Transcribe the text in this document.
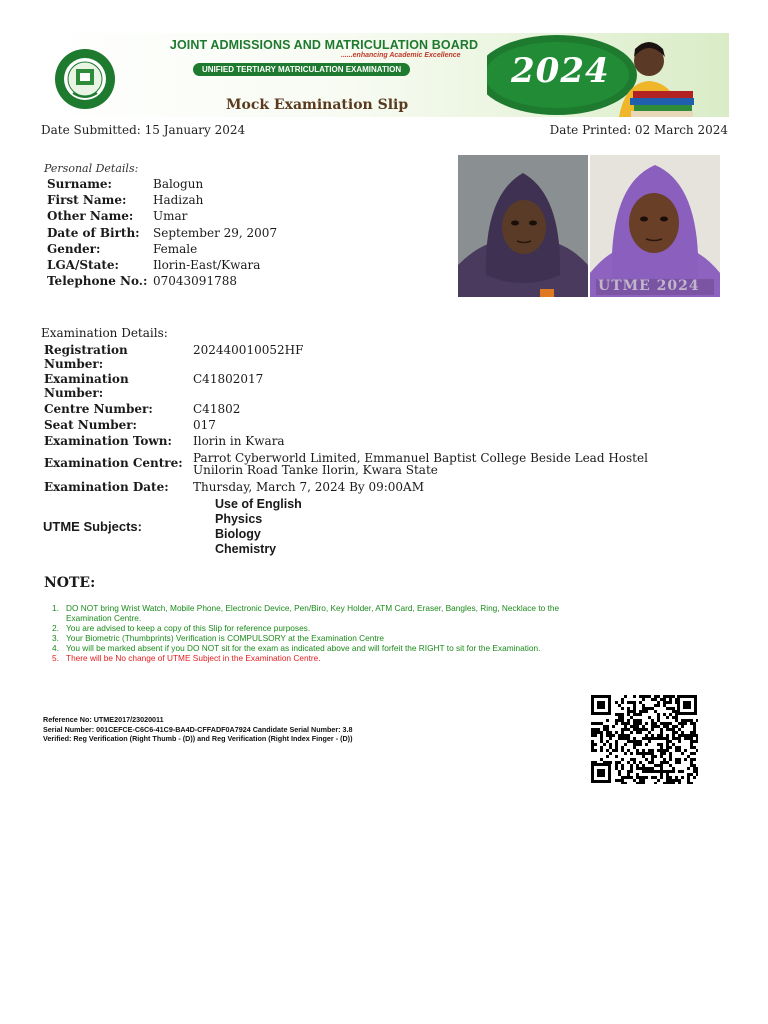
JOINT ADMISSIONS AND MATRICULATION BOARD
......enhancing Academic Excellence
UNIFIED TERTIARY MATRICULATION EXAMINATION
Mock Examination Slip
2024
Date Submitted: 15 January 2024	Date Printed: 02 March 2024
Personal Details:
Surname:	Balogun
First Name: Hadizah
Other Name: Umar
Date of Birth: September 29, 2007
Gender:	Female
LGA/State:	Ilorin-East/Kwara
Telephone No.: 07043091788	UTME 2024
Examination Details:
Registration
Number:
202440010052HF
Examination
Number:
C41802017
Centre Number:	C41802
Seat Number:	017
Examination Town: Ilorin in Kwara
Examination Centre: Parrot Cyberworld Limited, Emmanuel Baptist College Beside Lead Hostel
Unilorin Road Tanke Ilorin, Kwara State
Examination Date: Thursday, March 7, 2024 By 09:00AM
UTME Subjects:
Use of English
Physics
Biology
Chemistry
NOTE:
1. DO NOT bring Wrist Watch, Mobile Phone, Electronic Device, Pen/Biro, Key Holder, ATM Card, Eraser, Bangles, Ring, Necklace to the
Examination Centre.
2. You are advised to keep a copy of this Slip for reference purposes.
3. Your Biometric (Thumbprints) Verification is COMPULSORY at the Examination Centre
4. You will be marked absent if you DO NOT sit for the exam as indicated above and will forfeit the RIGHT to sit for the Examination.
5. There will be No change of UTME Subject in the Examination Centre.
Reference No: UTME2017/23020011
Serial Number: 001CEFCE-C6C6-41C9-BA4D-CFFADF0A7924 Candidate Serial Number: 3.8
Verified: Reg Verification (Right Thumb - (D)) and Reg Verification (Right Index Finger - (D))
